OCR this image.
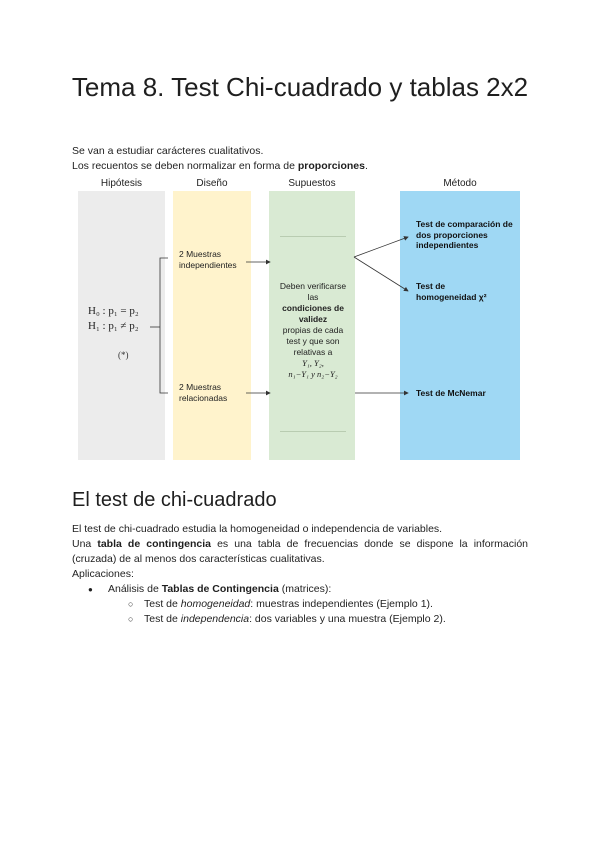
Tema 8. Test Chi-cuadrado y tablas 2x2

Se van a estudiar carácteres cualitativos.

Los recuentos se deben normalizar en forma de proporciones.

Hipótesis	Diseño	Supuestos	Método
H₀ : p₁ = p₂
H₁ : p₁ ≠ p₂
(*)
2 Muestras independientes
2 Muestras relacionadas
Deben verificarse las
condiciones de validez
propias de cada test y que son relativas a
Y₁, Y₂,
n₁−Y₁ y n₂−Y₂
Test de comparación de dos proporciones independientes
Test de homogeneidad χ²
Test de McNemar
El test de chi-cuadrado

El test de chi-cuadrado estudia la homogeneidad o independencia de variables.

Una tabla de contingencia es una tabla de frecuencias donde se dispone la información (cruzada) de al menos dos características cualitativas.

Aplicaciones:

● Análisis de Tablas de Contingencia (matrices):
○ Test de homogeneidad: muestras independientes (Ejemplo 1).
○ Test de independencia: dos variables y una muestra (Ejemplo 2).
